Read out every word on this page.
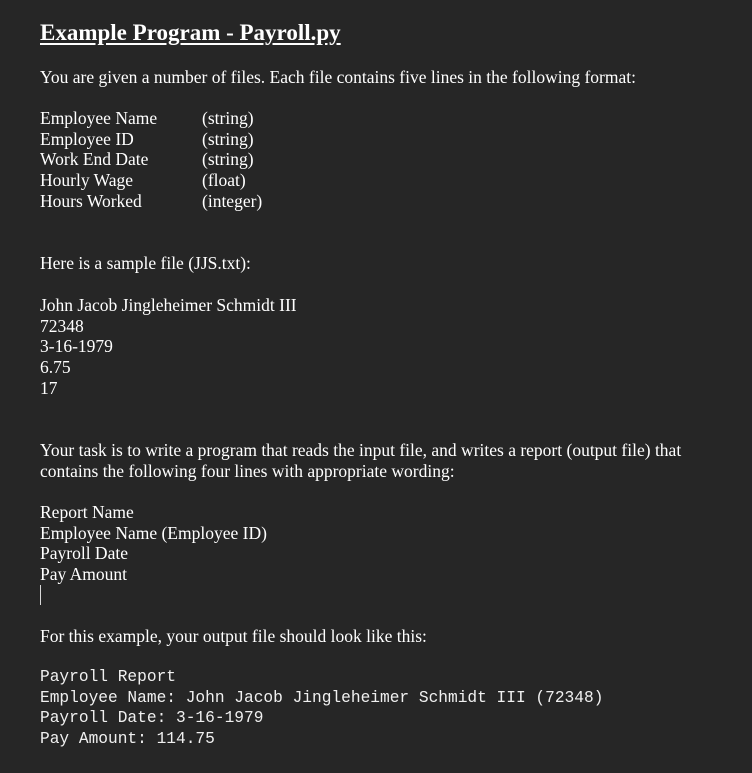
Example Program - Payroll.py
You are given a number of files. Each file contains five lines in the following format:
Employee Name	(string)
Employee ID	(string)
Work End Date	(string)
Hourly Wage	(float)
Hours Worked	(integer)
Here is a sample file (JJS.txt):
John Jacob Jingleheimer Schmidt III
72348
3-16-1979
6.75
17
Your task is to write a program that reads the input file, and writes a report (output file) that contains the following four lines with appropriate wording:
Report Name
Employee Name (Employee ID)
Payroll Date
Pay Amount
For this example, your output file should look like this:
Payroll Report
Employee Name: John Jacob Jingleheimer Schmidt III (72348)
Payroll Date: 3-16-1979
Pay Amount: 114.75
